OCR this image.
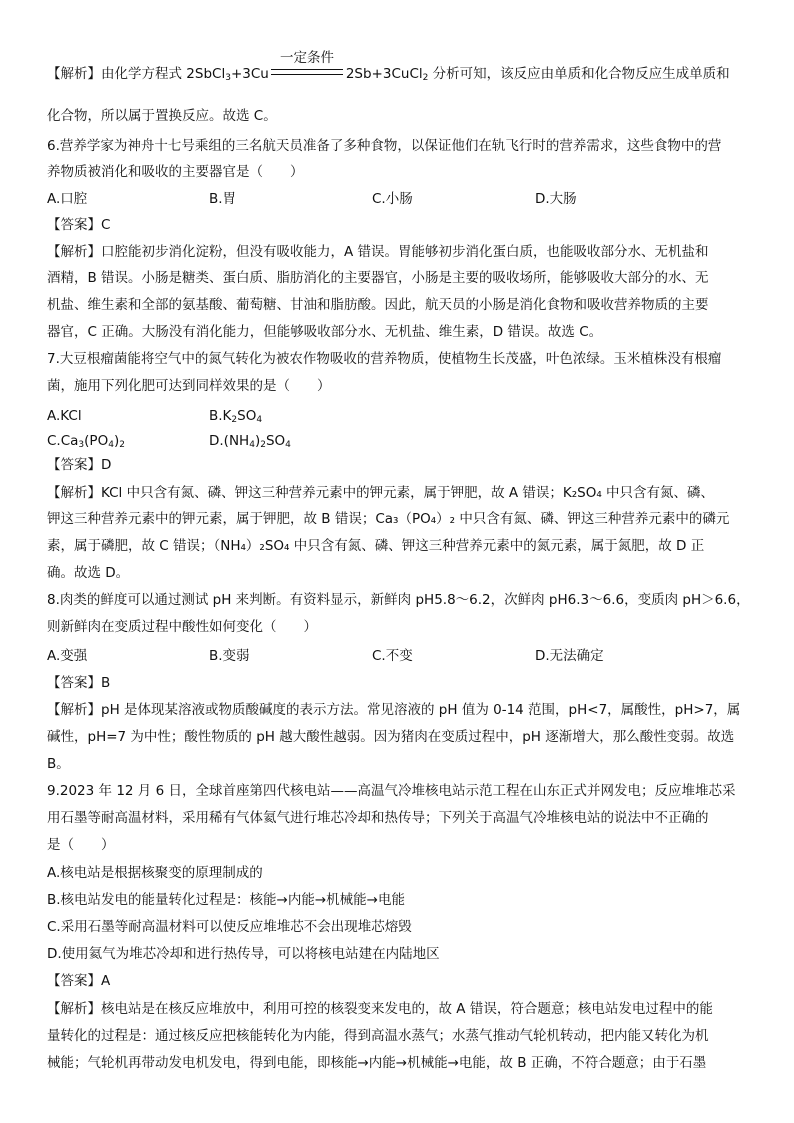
一定条件
【解析】由化学方程式 2SbCl$_3$+3Cu	2Sb+3CuCl$_2$ 分析可知，该反应由单质和化合物反应生成单质和
化合物，所以属于置换反应。故选 C。
6.营养学家为神舟十七号乘组的三名航天员准备了多种食物，以保证他们在轨飞行时的营养需求，这些食物中的营
养物质被消化和吸收的主要器官是（　　）
A.口腔	B.胃	C.小肠	D.大肠
【答案】C
【解析】口腔能初步消化淀粉，但没有吸收能力，A 错误。胃能够初步消化蛋白质，也能吸收部分水、无机盐和
酒精，B 错误。小肠是糖类、蛋白质、脂肪消化的主要器官，小肠是主要的吸收场所，能够吸收大部分的水、无
机盐、维生素和全部的氨基酸、葡萄糖、甘油和脂肪酸。因此，航天员的小肠是消化食物和吸收营养物质的主要
器官，C 正确。大肠没有消化能力，但能够吸收部分水、无机盐、维生素，D 错误。故选 C。
7.大豆根瘤菌能将空气中的氮气转化为被农作物吸收的营养物质，使植物生长茂盛，叶色浓绿。玉米植株没有根瘤
菌，施用下列化肥可达到同样效果的是（　　）
A.KCl	$B.K_2SO_4$
$C.Ca_3(PO_4)_2$	$D.(NH_4)_2SO_4$
【答案】D
【解析】KCl 中只含有氮、磷、钾这三种营养元素中的钾元素，属于钾肥，故 A 错误；K₂SO₄ 中只含有氮、磷、
钾这三种营养元素中的钾元素，属于钾肥，故 B 错误；Ca₃（PO₄）₂ 中只含有氮、磷、钾这三种营养元素中的磷元
素，属于磷肥，故 C 错误；（NH₄）₂SO₄ 中只含有氮、磷、钾这三种营养元素中的氮元素，属于氮肥，故 D 正
确。故选 D。
8.肉类的鲜度可以通过测试 pH 来判断。有资料显示，新鲜肉 pH5.8～6.2，次鲜肉 pH6.3～6.6，变质肉 pH＞6.6，
则新鲜肉在变质过程中酸性如何变化（　　）
A.变强	B.变弱	C.不变	D.无法确定
【答案】B
【解析】pH 是体现某溶液或物质酸碱度的表示方法。常见溶液的 pH 值为 0-14 范围，pH<7，属酸性，pH>7，属
碱性，pH=7 为中性；酸性物质的 pH 越大酸性越弱。因为猪肉在变质过程中，pH 逐渐增大，那么酸性变弱。故选
B。
9.2023 年 12 月 6 日，全球首座第四代核电站——高温气冷堆核电站示范工程在山东正式并网发电；反应堆堆芯采
用石墨等耐高温材料，采用稀有气体氦气进行堆芯冷却和热传导；下列关于高温气冷堆核电站的说法中不正确的
是（　　）
A.核电站是根据核聚变的原理制成的
B.核电站发电的能量转化过程是：核能→内能→机械能→电能
C.采用石墨等耐高温材料可以使反应堆堆芯不会出现堆芯熔毁
D.使用氦气为堆芯冷却和进行热传导，可以将核电站建在内陆地区
【答案】A
【解析】核电站是在核反应堆放中，利用可控的核裂变来发电的，故 A 错误，符合题意；核电站发电过程中的能
量转化的过程是：通过核反应把核能转化为内能，得到高温水蒸气；水蒸气推动气轮机转动，把内能又转化为机
械能；气轮机再带动发电机发电，得到电能，即核能→内能→机械能→电能，故 B 正确，不符合题意；由于石墨
